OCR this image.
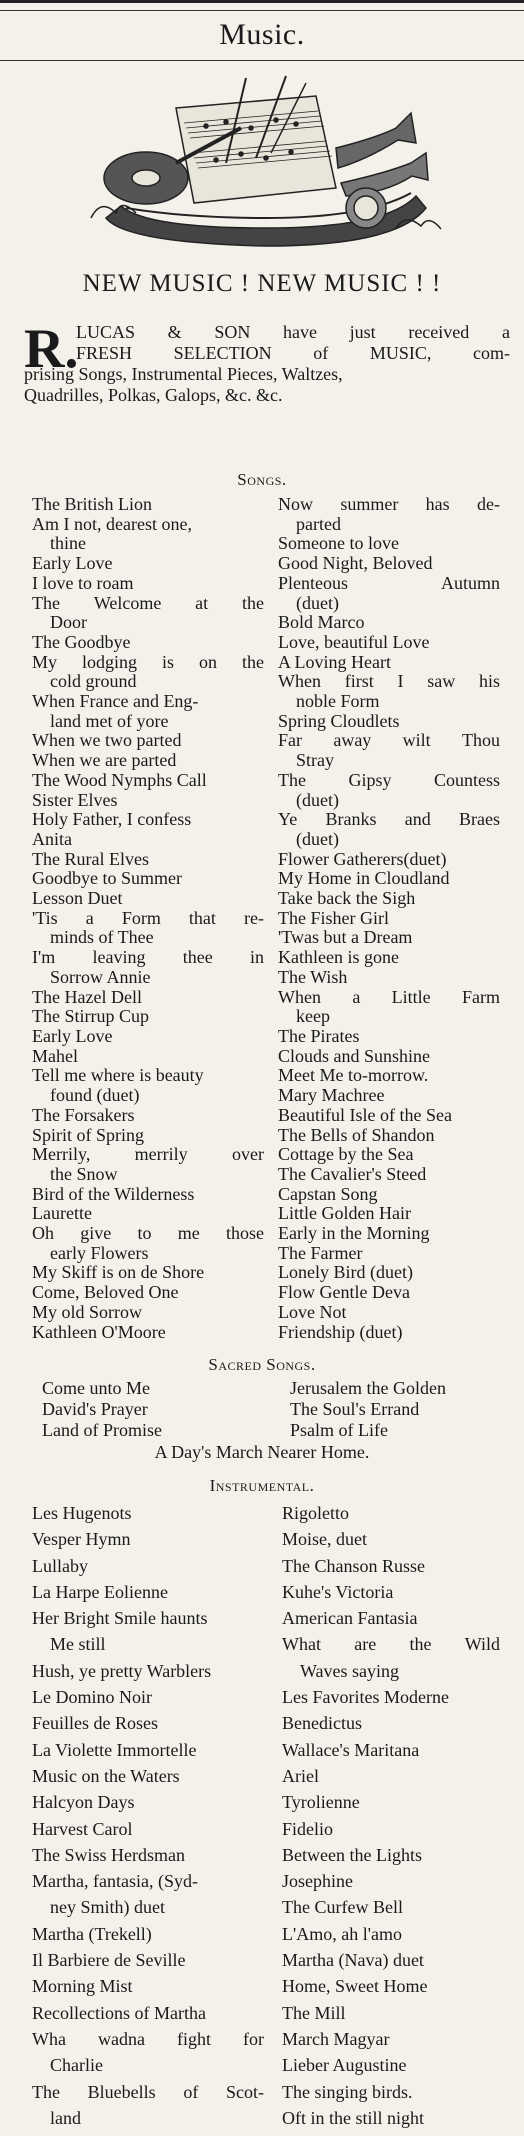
Music.
NEW MUSIC ! NEW MUSIC ! !
R.
LUCAS & SON have just received a
FRESH SELECTION of MUSIC, com-
prising Songs, Instrumental Pieces, Waltzes,
Quadrilles, Polkas, Galops, &c. &c.
Songs.
The British Lion
Am I not, dearest one,
thine
Early Love
I love to roam
The Welcome at the
Door
The Goodbye
My lodging is on the
cold ground
When France and Eng-
land met of yore
When we two parted
When we are parted
The Wood Nymphs Call
Sister Elves
Holy Father, I confess
Anita
The Rural Elves
Goodbye to Summer
Lesson Duet
'Tis a Form that re-
minds of Thee
I'm leaving thee in
Sorrow Annie
The Hazel Dell
The Stirrup Cup
Early Love
Mahel
Tell me where is beauty
found (duet)
The Forsakers
Spirit of Spring
Merrily, merrily over
the Snow
Bird of the Wilderness
Laurette
Oh give to me those
early Flowers
My Skiff is on de Shore
Come, Beloved One
My old Sorrow
Kathleen O'Moore
Now summer has de-
parted
Someone to love
Good Night, Beloved
Plenteous	Autumn
(duet)
Bold Marco
Love, beautiful Love
A Loving Heart
When first I saw his
noble Form
Spring Cloudlets
Far away wilt Thou
Stray
The Gipsy Countess
(duet)
Ye Branks and Braes
(duet)
Flower Gatherers(duet)
My Home in Cloudland
Take back the Sigh
The Fisher Girl
'Twas but a Dream
Kathleen is gone
The Wish
When a Little Farm
keep
The Pirates
Clouds and Sunshine
Meet Me to-morrow.
Mary Machree
Beautiful Isle of the Sea
The Bells of Shandon
Cottage by the Sea
The Cavalier's Steed
Capstan Song
Little Golden Hair
Early in the Morning
The Farmer
Lonely Bird (duet)
Flow Gentle Deva
Love Not
Friendship (duet)
Sacred Songs.
Come unto Me
David's Prayer
Land of Promise
Jerusalem the Golden
The Soul's Errand
Psalm of Life
A Day's March Nearer Home.
Instrumental.
Les Hugenots
Vesper Hymn
Lullaby
La Harpe Eolienne
Her Bright Smile haunts
Me still
Hush, ye pretty Warblers
Le Domino Noir
Feuilles de Roses
La Violette Immortelle
Music on the Waters
Halcyon Days
Harvest Carol
The Swiss Herdsman
Martha, fantasia, (Syd-
ney Smith) duet
Martha (Trekell)
Il Barbiere de Seville
Morning Mist
Recollections of Martha
Wha wadna fight for
Charlie
The Bluebells of Scot-
land
Rigoletto
Moise, duet
The Chanson Russe
Kuhe's Victoria
American Fantasia
What are the Wild
Waves saying
Les Favorites Moderne
Benedictus
Wallace's Maritana
Ariel
Tyrolienne
Fidelio
Between the Lights
Josephine
The Curfew Bell
L'Amo, ah l'amo
Martha (Nava) duet
Home, Sweet Home
The Mill
March Magyar
Lieber Augustine
The singing birds.
Oft in the still night
